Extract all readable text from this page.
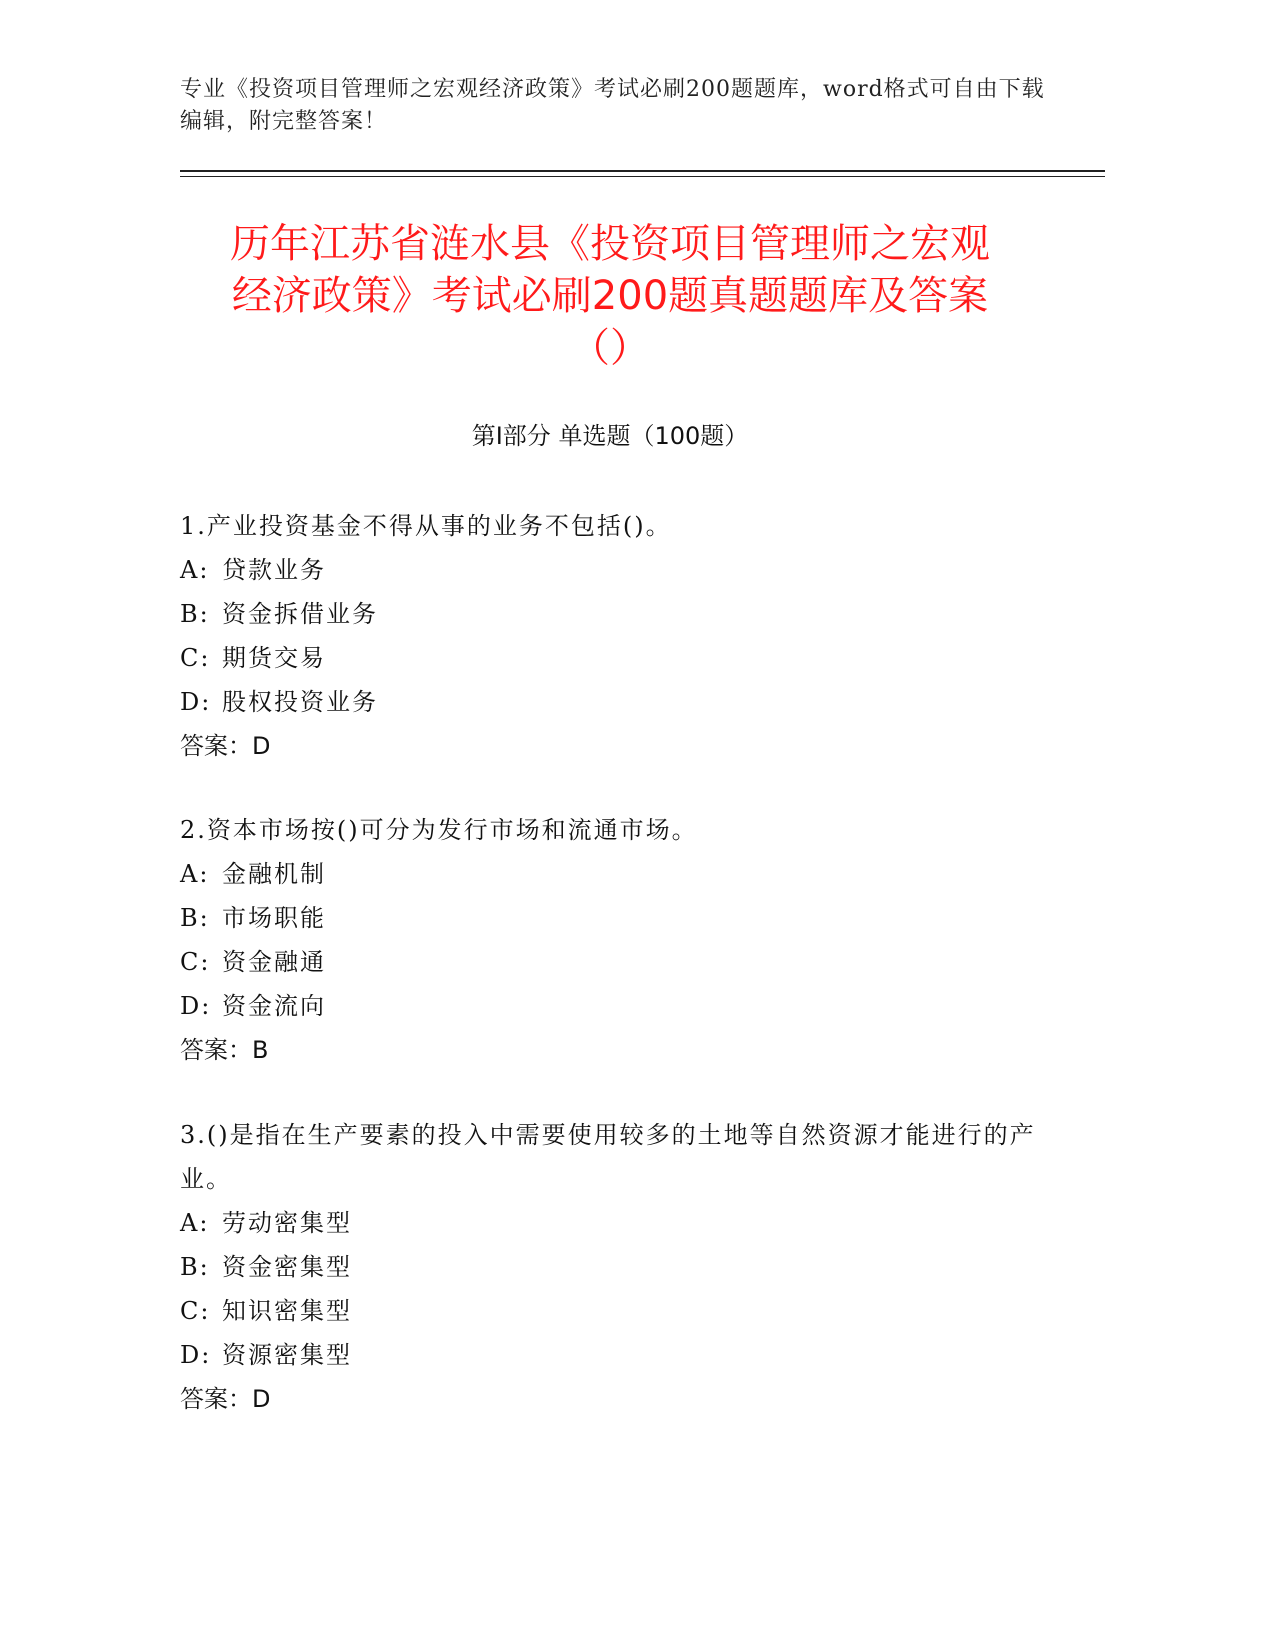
专业《投资项目管理师之宏观经济政策》考试必刷200题题库，word格式可自由下载编辑，附完整答案！
历年江苏省涟水县《投资项目管理师之宏观
经济政策》考试必刷200题真题题库及答案
（）
第Ⅰ部分 单选题（100题）
1.产业投资基金不得从事的业务不包括()。
A: 贷款业务
B: 资金拆借业务
C: 期货交易
D: 股权投资业务
答案：D
2.资本市场按()可分为发行市场和流通市场。
A: 金融机制
B: 市场职能
C: 资金融通
D: 资金流向
答案：B
3.()是指在生产要素的投入中需要使用较多的土地等自然资源才能进行的产业。
A: 劳动密集型
B: 资金密集型
C: 知识密集型
D: 资源密集型
答案：D
